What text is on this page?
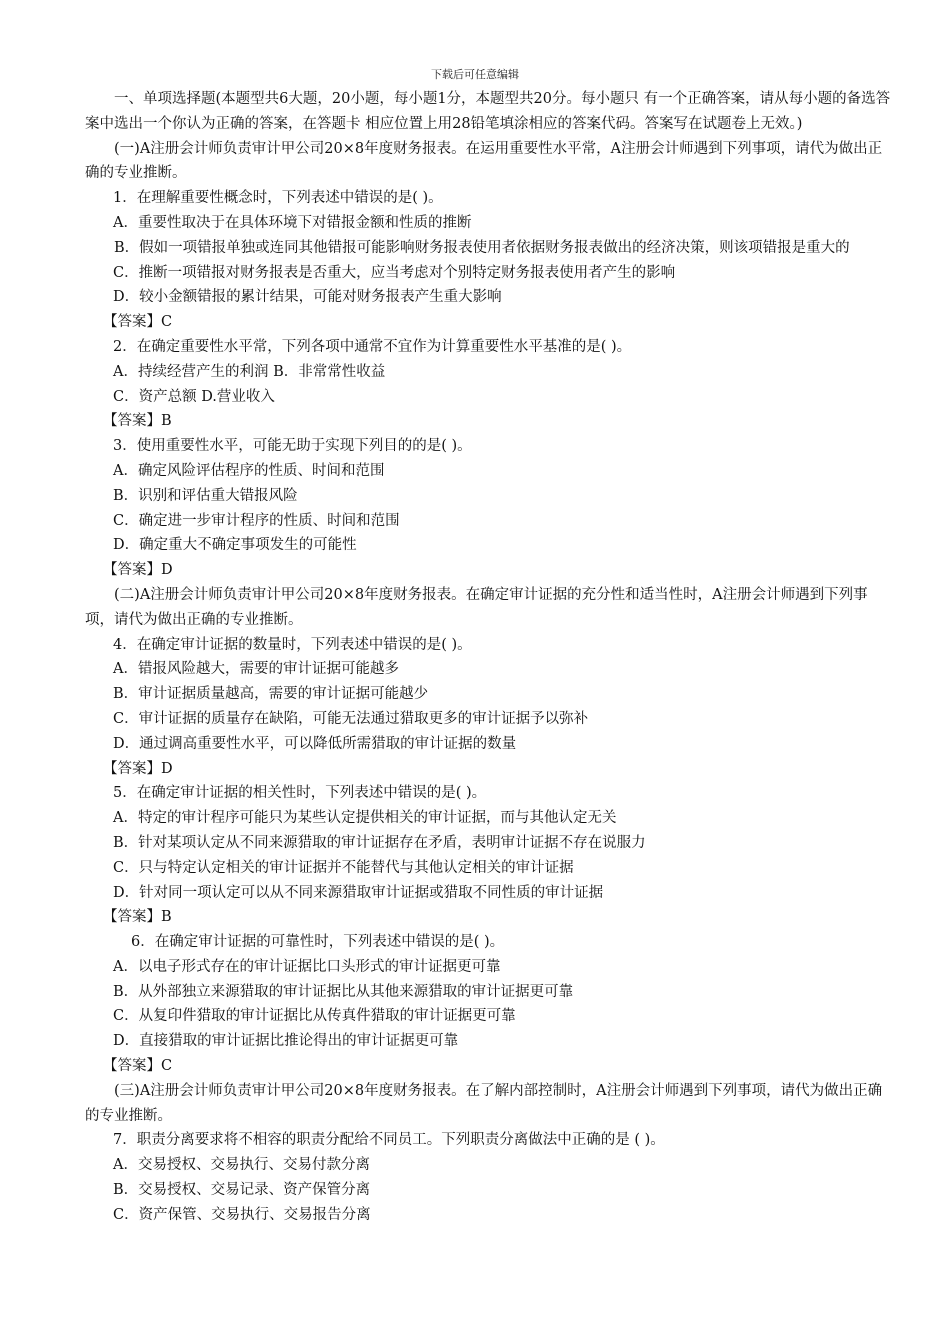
下载后可任意编辑

一、单项选择题(本题型共6大题，20小题，每小题1分，本题型共20分。每小题只 有一个正确答案，请从每小题的备选答案中选出一个你认为正确的答案，在答题卡 相应位置上用28铅笔填涂相应的答案代码。答案写在试题卷上无效。)

(一)A注册会计师负责审计甲公司20×8年度财务报表。在运用重要性水平常，A注册会计师遇到下列事项，请代为做出正确的专业推断。

1．在理解重要性概念时，下列表述中错误的是( )。

A．重要性取决于在具体环境下对错报金额和性质的推断

B．假如一项错报单独或连同其他错报可能影响财务报表使用者依据财务报表做出的经济决策，则该项错报是重大的

C．推断一项错报对财务报表是否重大，应当考虑对个别特定财务报表使用者产生的影响

D．较小金额错报的累计结果，可能对财务报表产生重大影响

【答案】C

2．在确定重要性水平常，下列各项中通常不宜作为计算重要性水平基准的是( )。

A．持续经营产生的利润 B．非常常性收益

C．资产总额 D.营业收入

【答案】B

3．使用重要性水平，可能无助于实现下列目的的是( )。

A．确定风险评估程序的性质、时间和范围

B．识别和评估重大错报风险

C．确定进一步审计程序的性质、时间和范围

D．确定重大不确定事项发生的可能性

【答案】D

(二)A注册会计师负责审计甲公司20×8年度财务报表。在确定审计证据的充分性和适当性时，A注册会计师遇到下列事项，请代为做出正确的专业推断。

4．在确定审计证据的数量时，下列表述中错误的是( )。

A．错报风险越大，需要的审计证据可能越多

B．审计证据质量越高，需要的审计证据可能越少

C．审计证据的质量存在缺陷，可能无法通过猎取更多的审计证据予以弥补

D．通过调高重要性水平，可以降低所需猎取的审计证据的数量

【答案】D

5．在确定审计证据的相关性时，下列表述中错误的是( )。

A．特定的审计程序可能只为某些认定提供相关的审计证据，而与其他认定无关

B．针对某项认定从不同来源猎取的审计证据存在矛盾，表明审计证据不存在说服力

C．只与特定认定相关的审计证据并不能替代与其他认定相关的审计证据

D．针对同一项认定可以从不同来源猎取审计证据或猎取不同性质的审计证据

【答案】B

6．在确定审计证据的可靠性时，下列表述中错误的是( )。

A．以电子形式存在的审计证据比口头形式的审计证据更可靠

B．从外部独立来源猎取的审计证据比从其他来源猎取的审计证据更可靠

C．从复印件猎取的审计证据比从传真件猎取的审计证据更可靠

D．直接猎取的审计证据比推论得出的审计证据更可靠

【答案】C

(三)A注册会计师负责审计甲公司20×8年度财务报表。在了解内部控制时，A注册会计师遇到下列事项，请代为做出正确的专业推断。

7．职责分离要求将不相容的职责分配给不同员工。下列职责分离做法中正确的是 ( )。

A．交易授权、交易执行、交易付款分离

B．交易授权、交易记录、资产保管分离

C．资产保管、交易执行、交易报告分离
